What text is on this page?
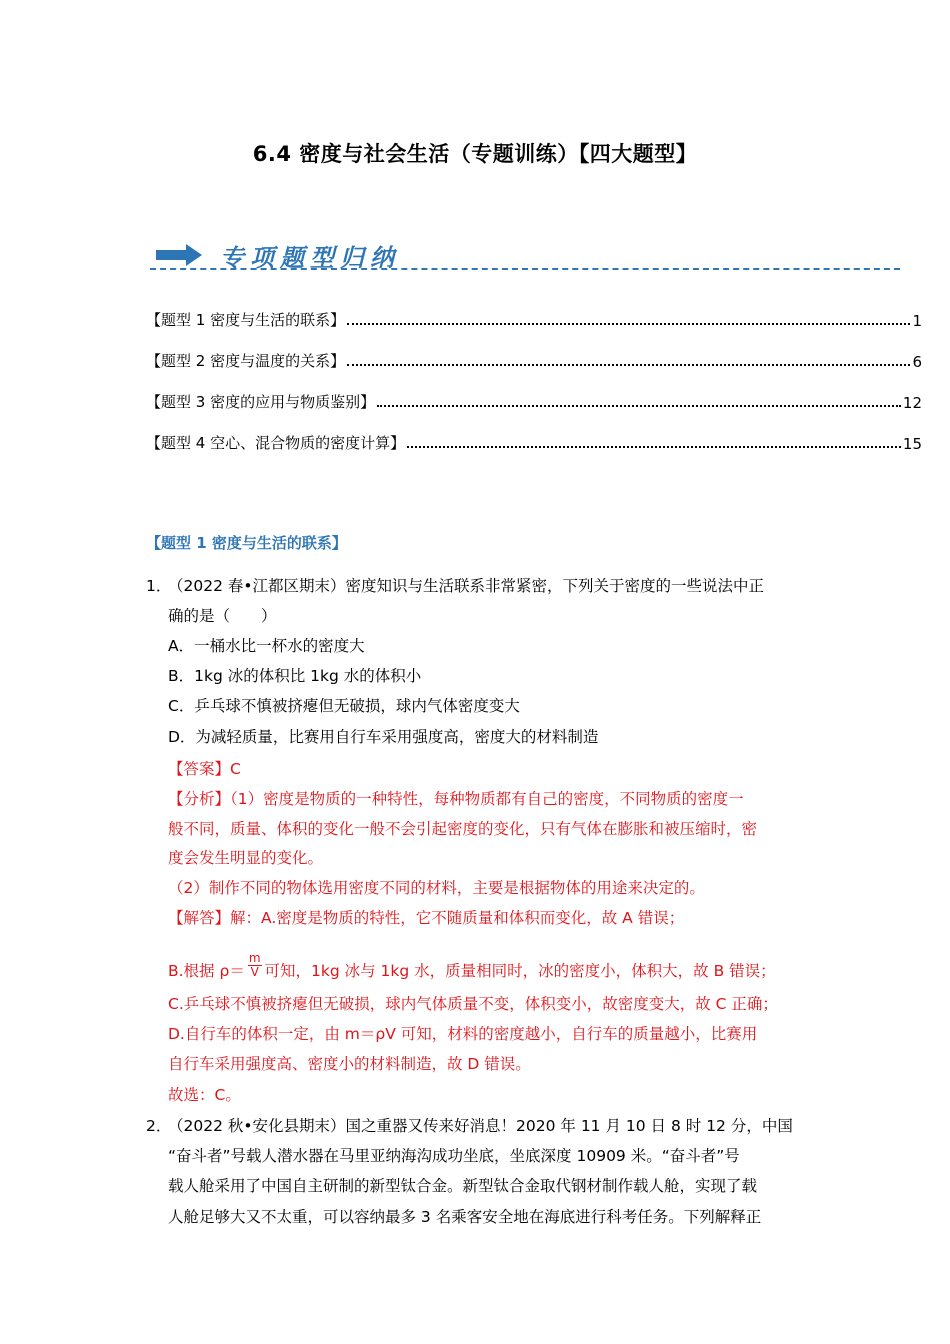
6.4 密度与社会生活（专题训练）【四大题型】
专项题型归纳
【题型 1 密度与生活的联系】	1
【题型 2 密度与温度的关系】	6
【题型 3 密度的应用与物质鉴别】	12
【题型 4 空心、混合物质的密度计算】	15
【题型 1 密度与生活的联系】
1．
（2022 春•江都区期末）密度知识与生活联系非常紧密，下列关于密度的一些说法中正
确的是（　　）
A．一桶水比一杯水的密度大
B．1kg 冰的体积比 1kg 水的体积小
C．乒乓球不慎被挤瘪但无破损，球内气体密度变大
D．为减轻质量，比赛用自行车采用强度高，密度大的材料制造
【答案】C
【分析】（1）密度是物质的一种特性，每种物质都有自己的密度，不同物质的密度一
般不同，质量、体积的变化一般不会引起密度的变化，只有气体在膨胀和被压缩时，密
度会发生明显的变化。
（2）制作不同的物体选用密度不同的材料，主要是根据物体的用途来决定的。
【解答】解：A.密度是物质的特性，它不随质量和体积而变化，故 A 错误；
B.根据 $\rho= \frac{m}{V}$ 可知，1kg 冰与 1kg 水，质量相同时，冰的密度小，体积大，故 B 错误；
C.乒乓球不慎被挤瘪但无破损，球内气体质量不变，体积变小，故密度变大，故 C 正确；
D.自行车的体积一定，由 m＝ρV 可知，材料的密度越小，自行车的质量越小，比赛用
自行车采用强度高、密度小的材料制造，故 D 错误。
故选：C。
2．
（2022 秋•安化县期末）国之重器又传来好消息！2020 年 11 月 10 日 8 时 12 分，中国
“奋斗者”号载人潜水器在马里亚纳海沟成功坐底，坐底深度 10909 米。“奋斗者”号
载人舱采用了中国自主研制的新型钛合金。新型钛合金取代钢材制作载人舱，实现了载
人舱足够大又不太重，可以容纳最多 3 名乘客安全地在海底进行科考任务。下列解释正
